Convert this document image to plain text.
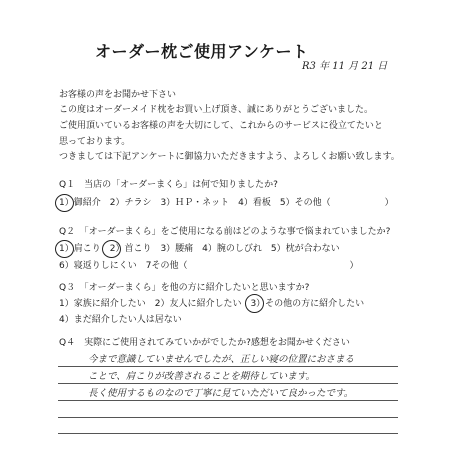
オーダー枕ご使用アンケート
R3 年 11 月 21 日
お客様の声をお聞かせ下さい
この度はオーダーメイド枕をお買い上げ頂き、誠にありがとうございました。
ご使用頂いているお客様の声を大切にして、これからのサービスに役立てたいと
思っております。
つきましては下記アンケートに御協力いただきますよう、よろしくお願い致します。
Q１　当店の「オーダーまくら」は何で知りましたか?
1）御紹介　2）チラシ　3）ＨＰ・ネット　4）看板　5）その他（　　　　　　）
Q２　「オーダーまくら」をご使用になる前はどのような事で悩まれていましたか?
1）肩こり　2）首こり　3）腰痛　4）腕のしびれ　5）枕が合わない
6）寝返りしにくい　7その他（　　　　　　　　　　　　　　　　　　）
Q３　「オーダーまくら」を他の方に紹介したいと思いますか?
1）家族に紹介したい　2）友人に紹介したい　3）その他の方に紹介したい
4）まだ紹介したい人は居ない
Q４　実際にご使用されてみていかがでしたか?感想をお聞かせください
今まで意識していませんでしたが、正しい寝の位置におさまる
ことで、肩こりが改善されることを期待しています。
長く使用するものなので丁寧に見ていただいて良かったです。
